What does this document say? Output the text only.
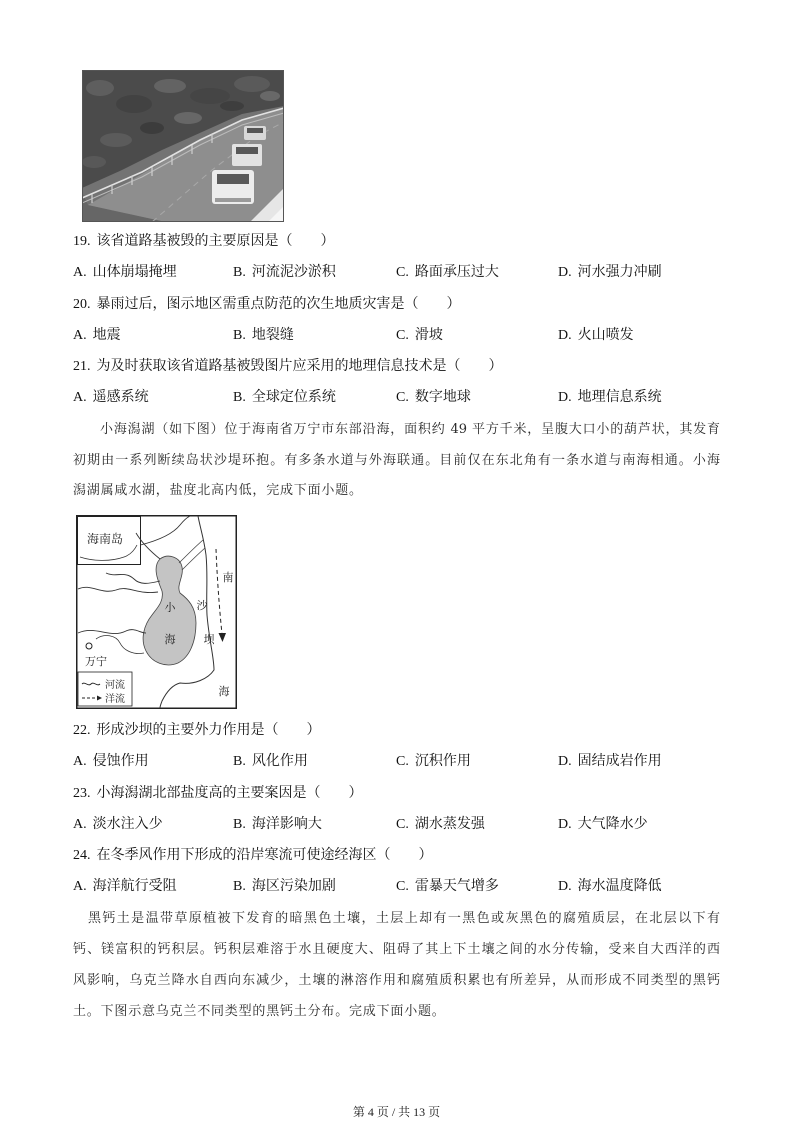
19. 该省道路基被毁的主要原因是（　　）
A. 山体崩塌掩埋	B. 河流泥沙淤积	C. 路面承压过大	D. 河水强力冲刷
20. 暴雨过后，图示地区需重点防范的次生地质灾害是（　　）
A. 地震	B. 地裂缝	C. 滑坡	D. 火山喷发
21. 为及时获取该省道路基被毁图片应采用的地理信息技术是（　　）
A. 遥感系统	B. 全球定位系统	C. 数字地球	D. 地理信息系统
小海潟湖（如下图）位于海南省万宁市东部沿海，面积约 49 平方千米，呈腹大口小的葫芦状，其发育
初期由一系列断续岛状沙堤环抱。有多条水道与外海联通。目前仅在东北角有一条水道与南海相通。小海
潟湖属咸水湖，盐度北高内低，完成下面小题。
海南岛
南
海
小
海
沙
坝
万宁
河流
洋流
22. 形成沙坝的主要外力作用是（　　）
A. 侵蚀作用	B. 风化作用	C. 沉积作用	D. 固结成岩作用
23. 小海潟湖北部盐度高的主要案因是（　　）
A. 淡水注入少	B. 海洋影响大	C. 湖水蒸发强	D. 大气降水少
24. 在冬季风作用下形成的沿岸寒流可使途经海区（　　）
A. 海洋航行受阻	B. 海区污染加剧	C. 雷暴天气增多	D. 海水温度降低
黑钙土是温带草原植被下发育的暗黑色土壤，土层上却有一黑色或灰黑色的腐殖质层，在北层以下有
钙、镁富积的钙积层。钙积层难溶于水且硬度大、阻碍了其上下土壤之间的水分传输，受来自大西洋的西
风影响，乌克兰降水自西向东减少，土壤的淋溶作用和腐殖质积累也有所差异，从而形成不同类型的黑钙
土。下图示意乌克兰不同类型的黑钙土分布。完成下面小题。
第 4 页 / 共 13 页
